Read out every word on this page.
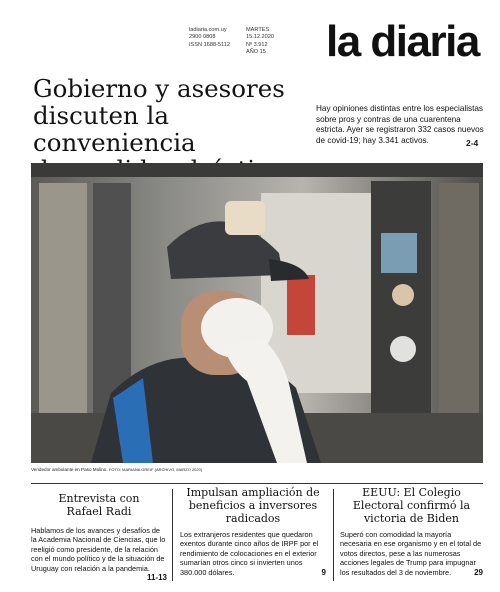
ladiaria.com.uy
2900 0808
ISSN 1688-5112
MARTES
15.12.2020
Nº 3.912
AÑO 15 la diaria
Gobierno y asesores
discuten la conveniencia
Hay opiniones distintas entre los especialistas sobre pros y contras de una cuarentena estricta. Ayer se registraron 332 casos nuevos de covid-19; hay 3.341 activos.	2-4
Vendedor ambulante en Paso Molino. FOTO: MARIANA GREIF (ARCHIVO, MARZO 2020)
Entrevista con Rafael Radi
Hablamos de los avances y desafíos de la Academia Nacional de Ciencias, que lo reeligió como presidente, de la relación con el mundo político y de la situación de Uruguay con relación a la pandemia.
11-13
Impulsan ampliación de beneficios a inversores radicados
Los extranjeros residentes que quedaron exentos durante cinco años de IRPF por el rendimiento de colocaciones en el exterior sumarían otros cinco si invierten unos 380.000 dólares.	9
EEUU: El Colegio Electoral confirmó la victoria de Biden
Superó con comodidad la mayoría necesaria en ese organismo y en el total de votos directos, pese a las numerosas acciones legales de Trump para impugnar los resultados del 3 de noviembre.	29
